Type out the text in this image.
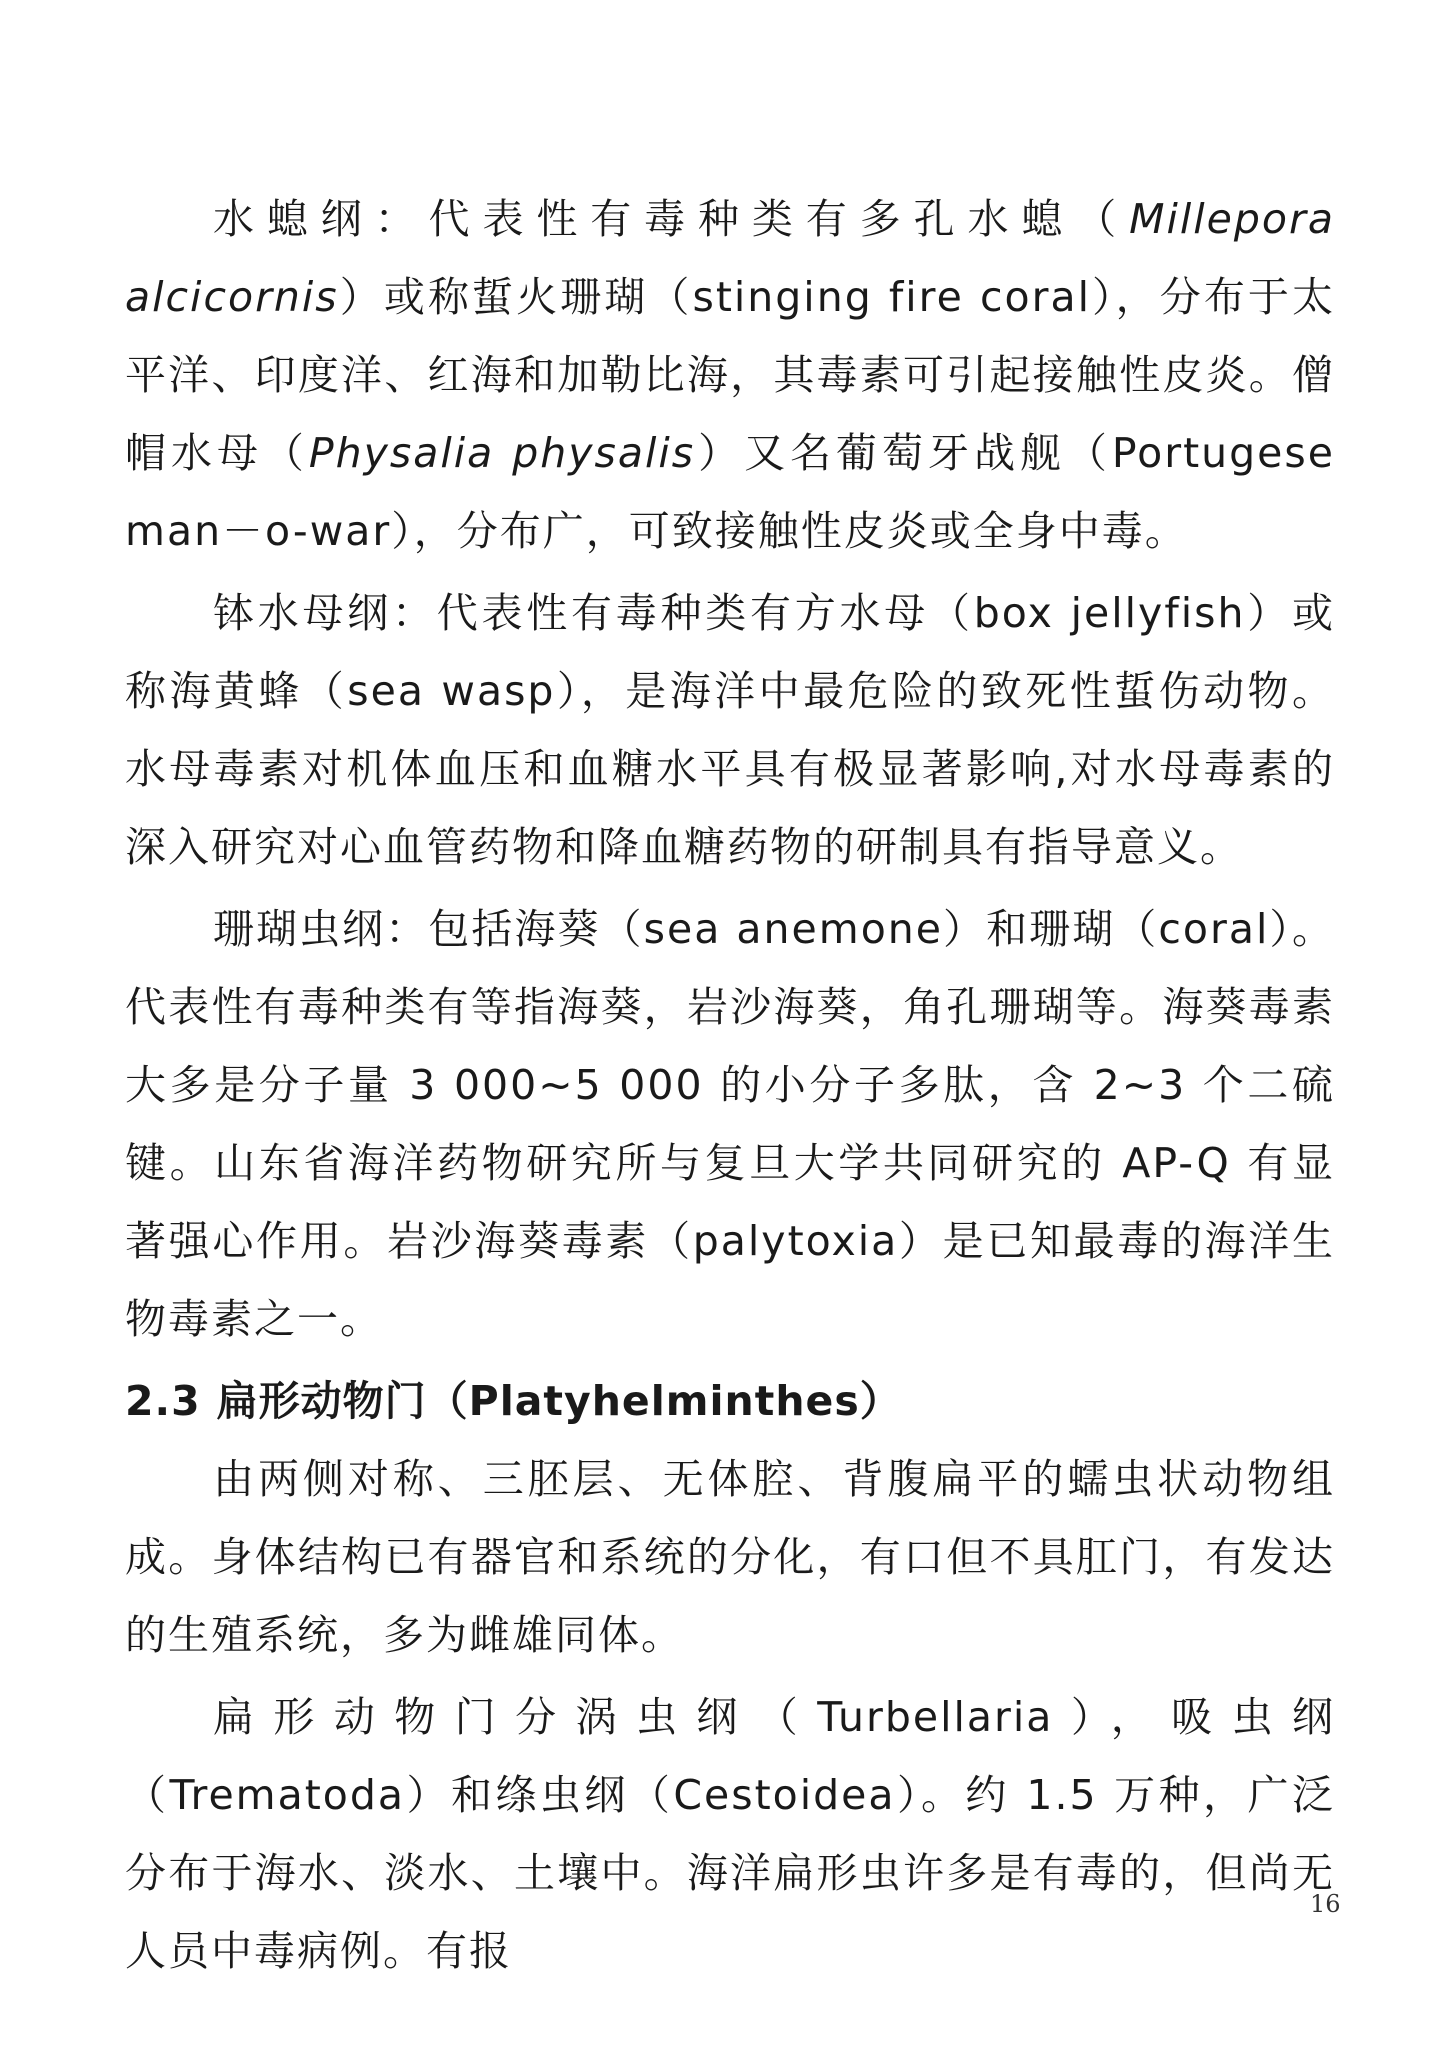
水螅纲：代表性有毒种类有多孔水螅（Millepora alcicornis）或称蜇火珊瑚（stinging fire coral），分布于太平洋、印度洋、红海和加勒比海，其毒素可引起接触性皮炎。僧帽水母（Physalia physalis）又名葡萄牙战舰（Portugese man－o-war），分布广，可致接触性皮炎或全身中毒。

钵水母纲：代表性有毒种类有方水母（box jellyfish）或称海黄蜂（sea wasp），是海洋中最危险的致死性蜇伤动物。水母毒素对机体血压和血糖水平具有极显著影响,对水母毒素的深入研究对心血管药物和降血糖药物的研制具有指导意义。

珊瑚虫纲：包括海葵（sea anemone）和珊瑚（coral）。代表性有毒种类有等指海葵，岩沙海葵，角孔珊瑚等。海葵毒素大多是分子量 3 000~5 000 的小分子多肽，含 2~3 个二硫键。山东省海洋药物研究所与复旦大学共同研究的 AP-Q 有显著强心作用。岩沙海葵毒素（palytoxia）是已知最毒的海洋生物毒素之一。

2.3 扁形动物门（Platyhelminthes）

由两侧对称、三胚层、无体腔、背腹扁平的蠕虫状动物组成。身体结构已有器官和系统的分化，有口但不具肛门，有发达的生殖系统，多为雌雄同体。

扁形动物门分涡虫纲（Turbellaria），吸虫纲（Trematoda）和绦虫纲（Cestoidea）。约 1.5 万种，广泛分布于海水、淡水、土壤中。海洋扁形虫许多是有毒的，但尚无人员中毒病例。有报

16
